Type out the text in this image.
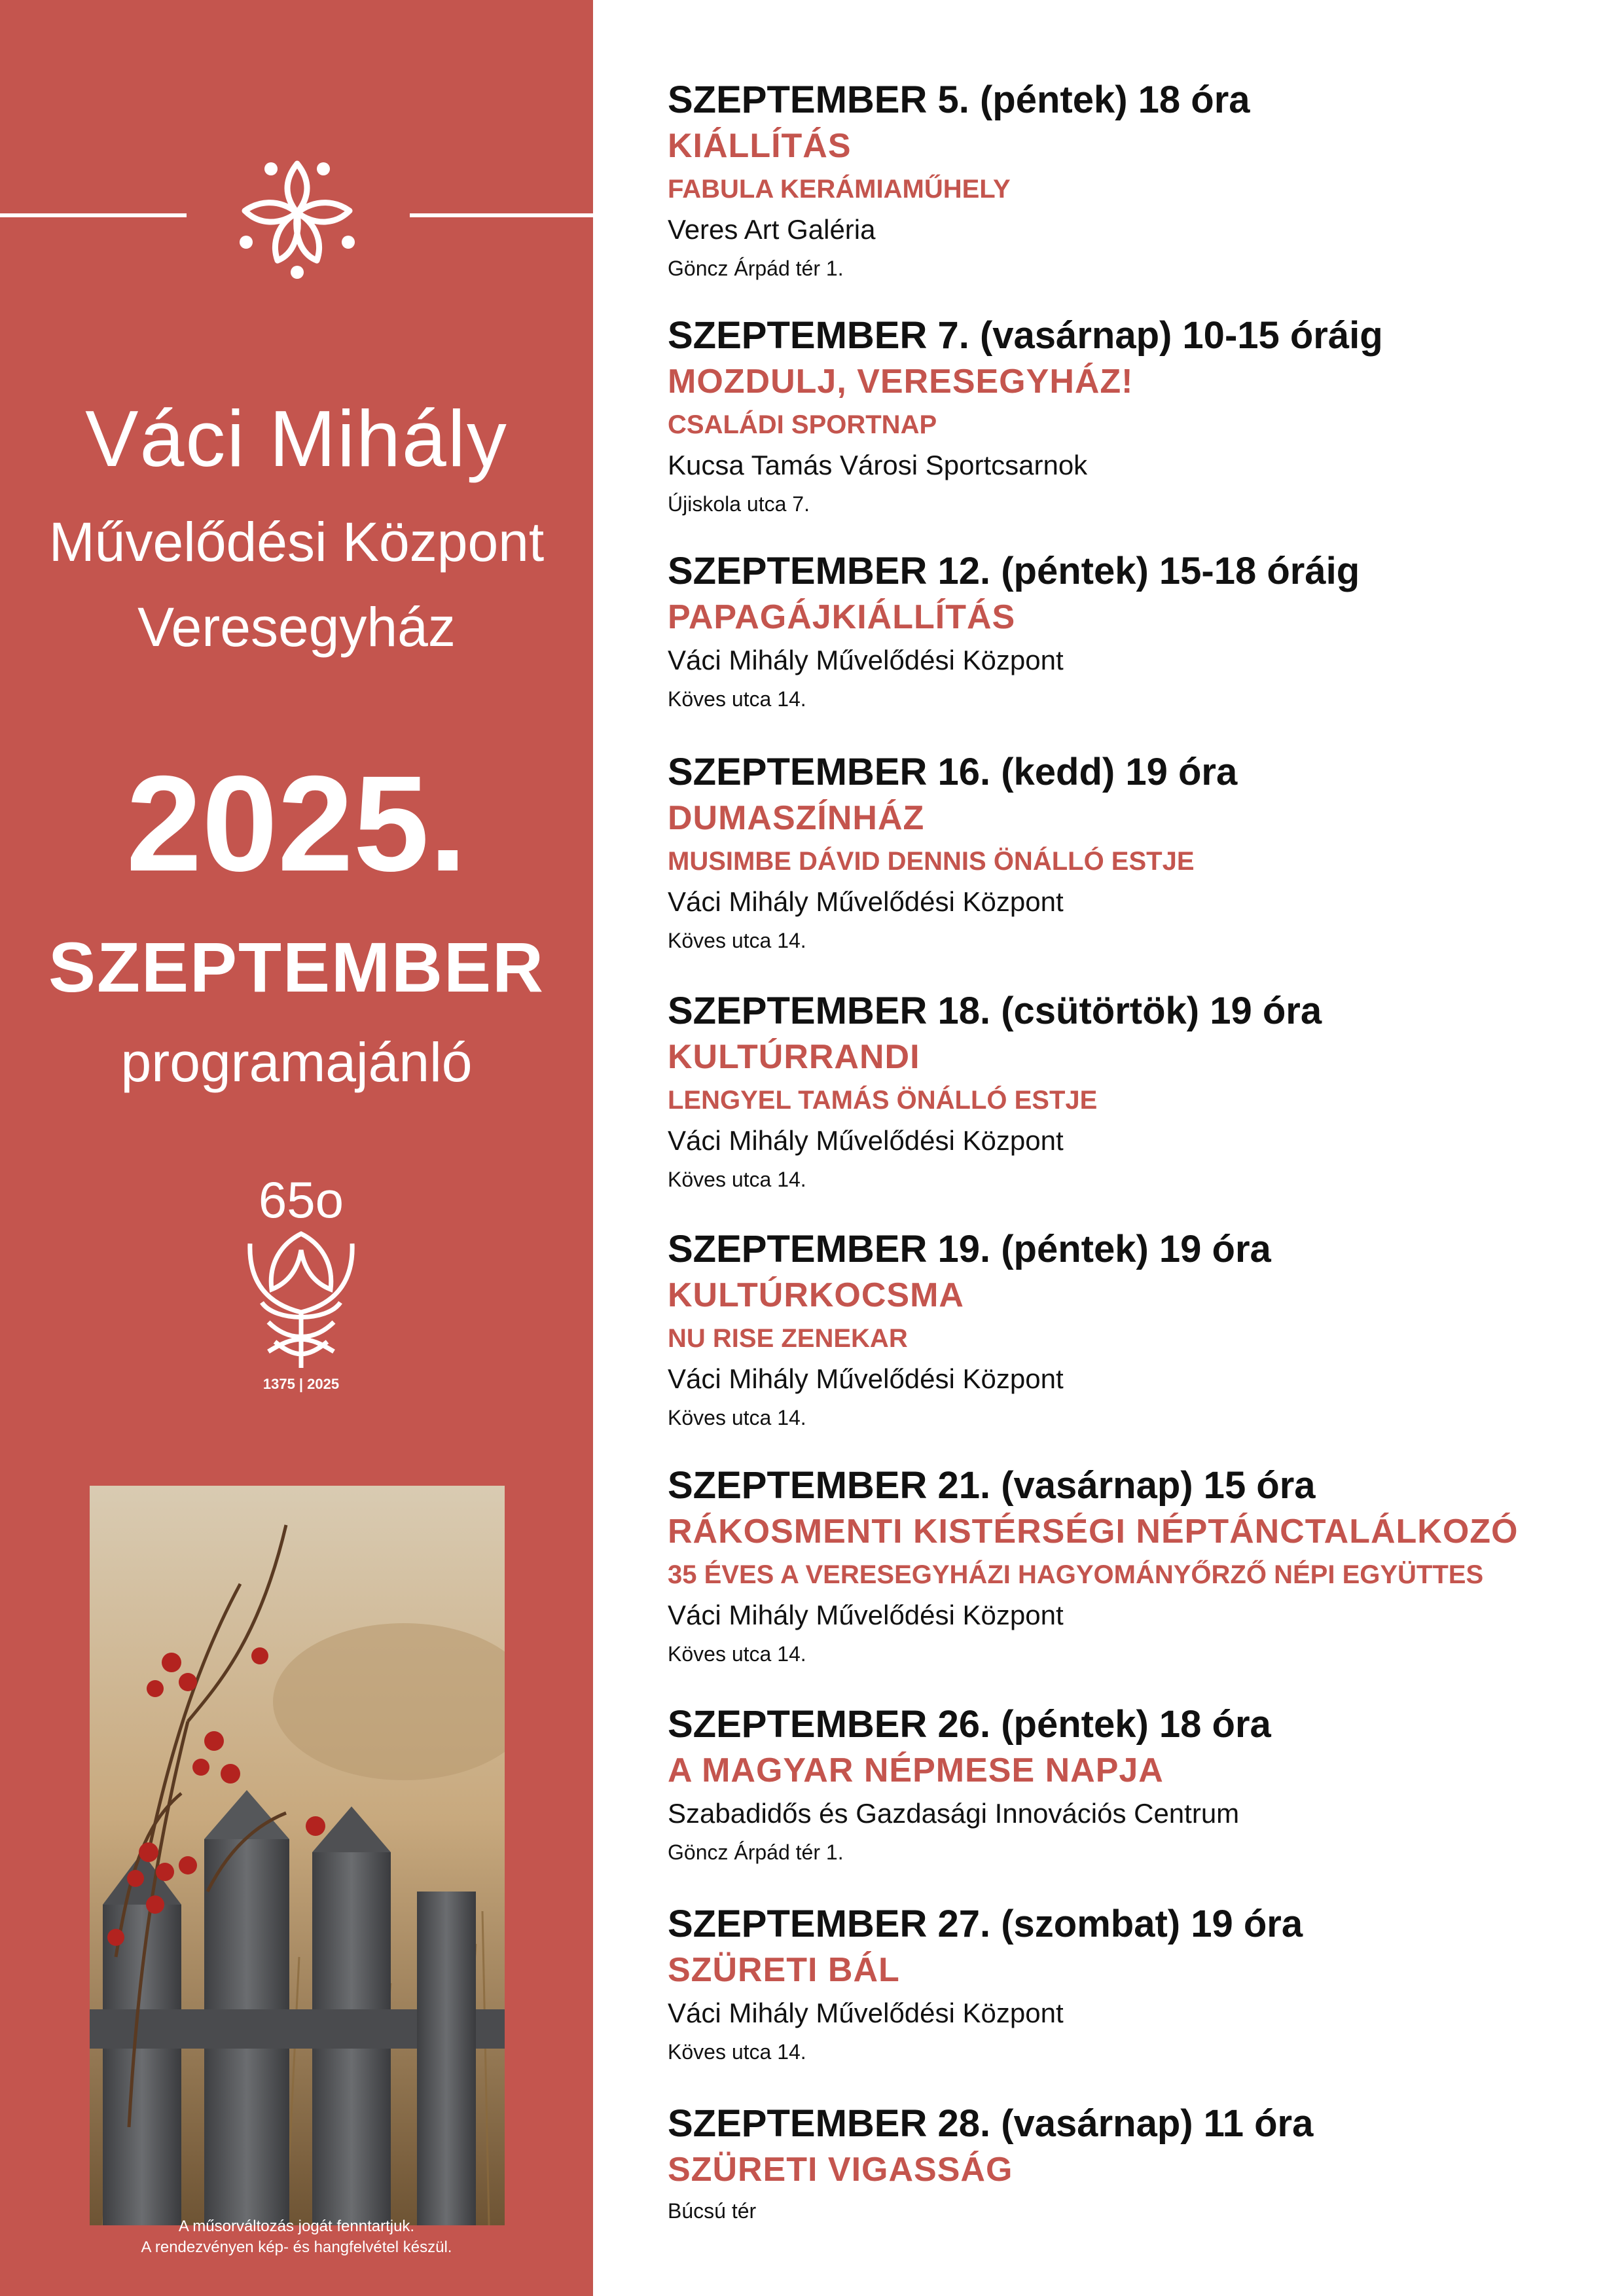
Váci Mihály
Művelődési Központ
Veresegyház
2025.
SZEPTEMBER
programajánló
65o
1375 | 2025
A műsorváltozás jogát fenntartjuk.
A rendezvényen kép- és hangfelvétel készül.
SZEPTEMBER 5. (péntek) 18 óra
KIÁLLÍTÁS
FABULA KERÁMIAMŰHELY
Veres Art Galéria
Göncz Árpád tér 1.
SZEPTEMBER 7. (vasárnap) 10-15 óráig
MOZDULJ, VERESEGYHÁZ!
CSALÁDI SPORTNAP
Kucsa Tamás Városi Sportcsarnok
Újiskola utca 7.
SZEPTEMBER 12. (péntek) 15-18 óráig
PAPAGÁJKIÁLLÍTÁS
Váci Mihály Művelődési Központ
Köves utca 14.
SZEPTEMBER 16. (kedd) 19 óra
DUMASZÍNHÁZ
MUSIMBE DÁVID DENNIS ÖNÁLLÓ ESTJE
Váci Mihály Művelődési Központ
Köves utca 14.
SZEPTEMBER 18. (csütörtök) 19 óra
KULTÚRRANDI
LENGYEL TAMÁS ÖNÁLLÓ ESTJE
Váci Mihály Művelődési Központ
Köves utca 14.
SZEPTEMBER 19. (péntek) 19 óra
KULTÚRKOCSMA
NU RISE ZENEKAR
Váci Mihály Művelődési Központ
Köves utca 14.
SZEPTEMBER 21. (vasárnap) 15 óra
RÁKOSMENTI KISTÉRSÉGI NÉPTÁNCTALÁLKOZÓ
35 ÉVES A VERESEGYHÁZI HAGYOMÁNYŐRZŐ NÉPI EGYÜTTES
Váci Mihály Művelődési Központ
Köves utca 14.
SZEPTEMBER 26. (péntek) 18 óra
A MAGYAR NÉPMESE NAPJA
Szabadidős és Gazdasági Innovációs Centrum
Göncz Árpád tér 1.
SZEPTEMBER 27. (szombat) 19 óra
SZÜRETI BÁL
Váci Mihály Művelődési Központ
Köves utca 14.
SZEPTEMBER 28. (vasárnap) 11 óra
SZÜRETI VIGASSÁG
Búcsú tér
